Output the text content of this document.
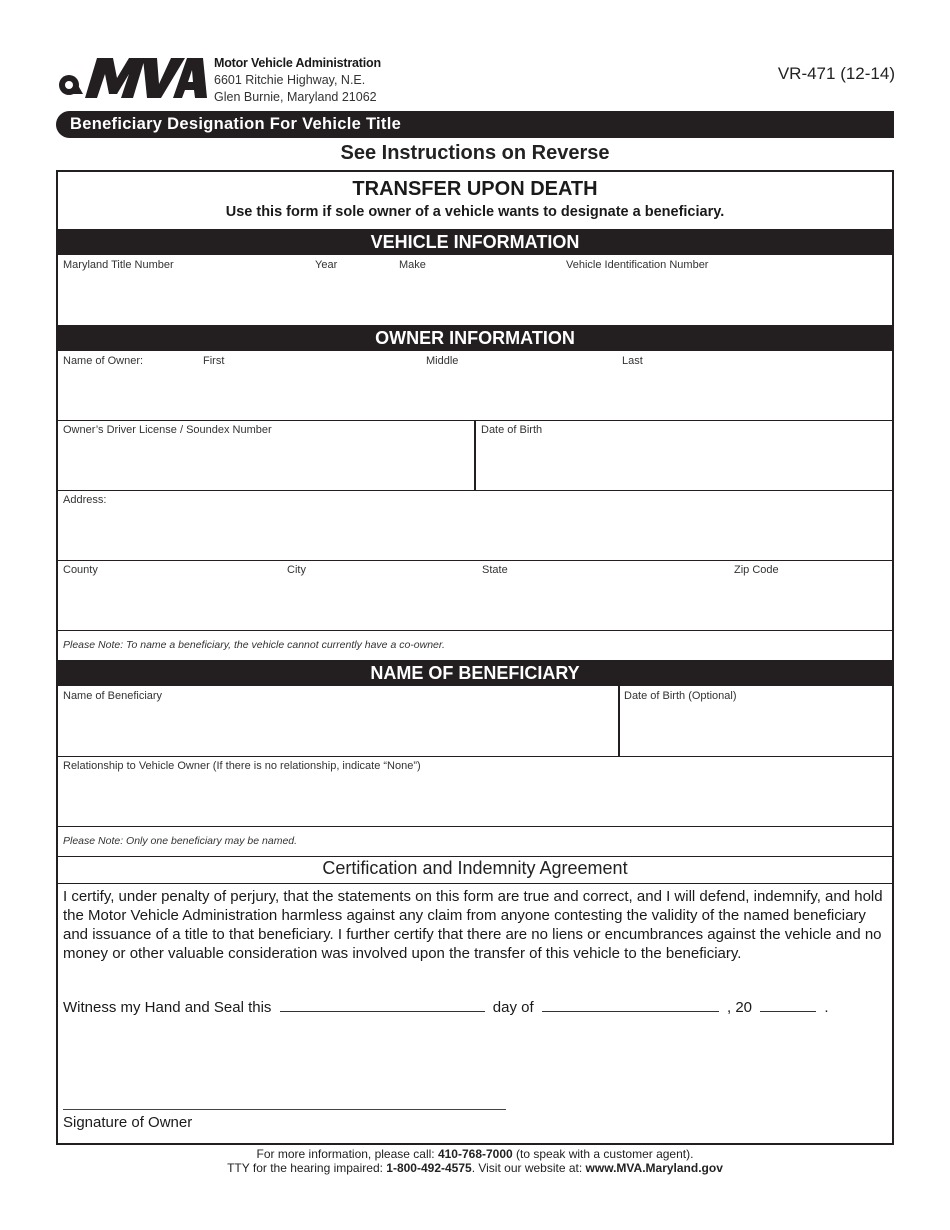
Motor Vehicle Administration
6601 Ritchie Highway, N.E.
Glen Burnie, Maryland 21062
VR-471 (12-14)
Beneficiary Designation For Vehicle Title
See Instructions on Reverse
TRANSFER UPON DEATH
Use this form if sole owner of a vehicle wants to designate a beneficiary.
VEHICLE INFORMATION
Maryland Title Number	Year	Make	Vehicle Identification Number
OWNER INFORMATION
Name of Owner:	First	Middle	Last
Owner’s Driver License / Soundex Number	Date of Birth
Address:
County	City	State	Zip Code
Please Note: To name a beneficiary, the vehicle cannot currently have a co-owner.
NAME OF BENEFICIARY
Name of Beneficiary	Date of Birth (Optional)
Relationship to Vehicle Owner (If there is no relationship, indicate “None”)
Please Note: Only one beneficiary may be named.
Certification and Indemnity Agreement
I certify, under penalty of perjury, that the statements on this form are true and correct, and I will defend, indemnify, and hold the Motor Vehicle Administration harmless against any claim from anyone contesting the validity of the named beneficiary and issuance of a title to that beneficiary. I further certify that there are no liens or encumbrances against the vehicle and no money or other valuable consideration was involved upon the transfer of this vehicle to the beneficiary.
Witness my Hand and Seal this	day of	, 20	.
Signature of Owner
For more information, please call: 410-768-7000 (to speak with a customer agent).
TTY for the hearing impaired: 1-800-492-4575. Visit our website at: www.MVA.Maryland.gov
